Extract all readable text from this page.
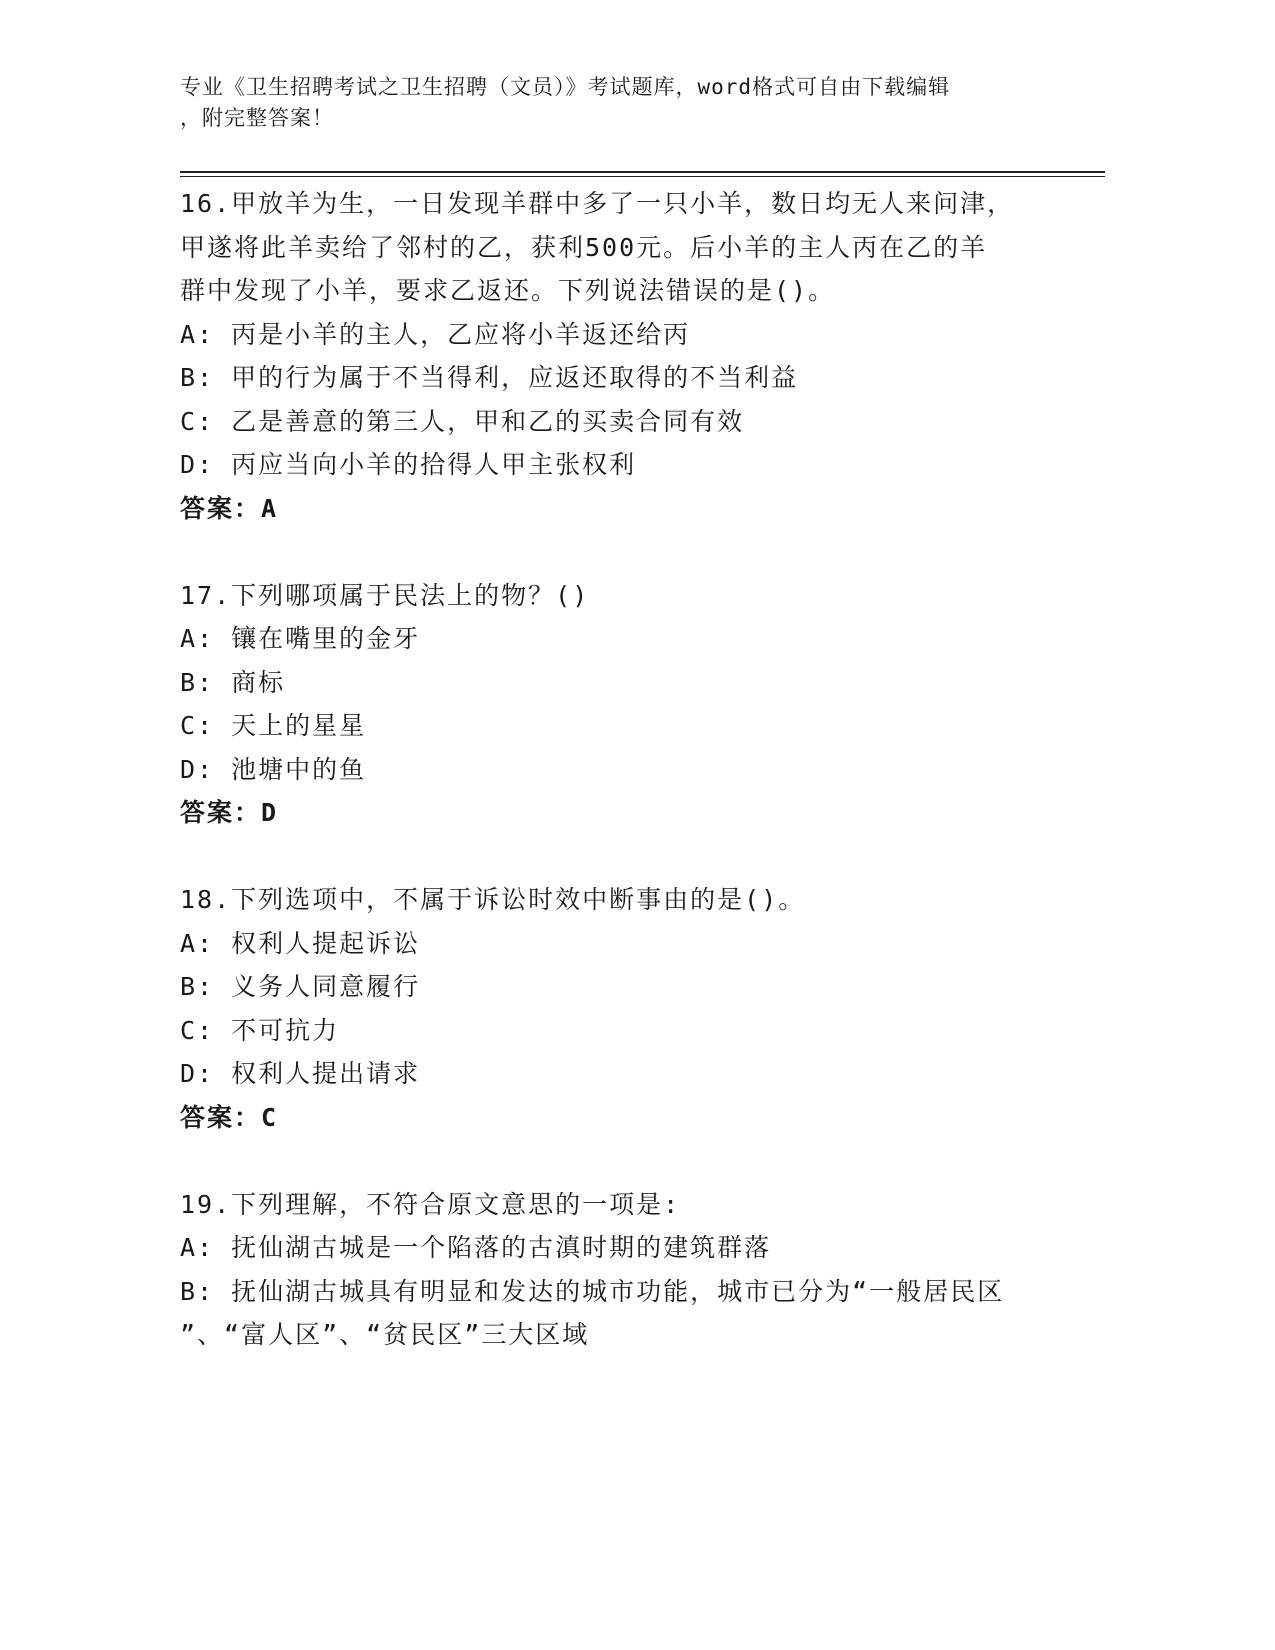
专业《卫生招聘考试之卫生招聘（文员）》考试题库，word格式可自由下载编辑
，附完整答案！
16.甲放羊为生，一日发现羊群中多了一只小羊，数日均无人来问津，
甲遂将此羊卖给了邻村的乙，获利500元。后小羊的主人丙在乙的羊
群中发现了小羊，要求乙返还。下列说法错误的是()。
A: 丙是小羊的主人，乙应将小羊返还给丙
B: 甲的行为属于不当得利，应返还取得的不当利益
C: 乙是善意的第三人，甲和乙的买卖合同有效
D: 丙应当向小羊的拾得人甲主张权利
答案：A
17.下列哪项属于民法上的物？()
A: 镶在嘴里的金牙
B: 商标
C: 天上的星星
D: 池塘中的鱼
答案：D
18.下列选项中，不属于诉讼时效中断事由的是()。
A: 权利人提起诉讼
B: 义务人同意履行
C: 不可抗力
D: 权利人提出请求
答案：C
19.下列理解，不符合原文意思的一项是:
A: 抚仙湖古城是一个陷落的古滇时期的建筑群落
B: 抚仙湖古城具有明显和发达的城市功能，城市已分为“一般居民区
”、“富人区”、“贫民区”三大区域
